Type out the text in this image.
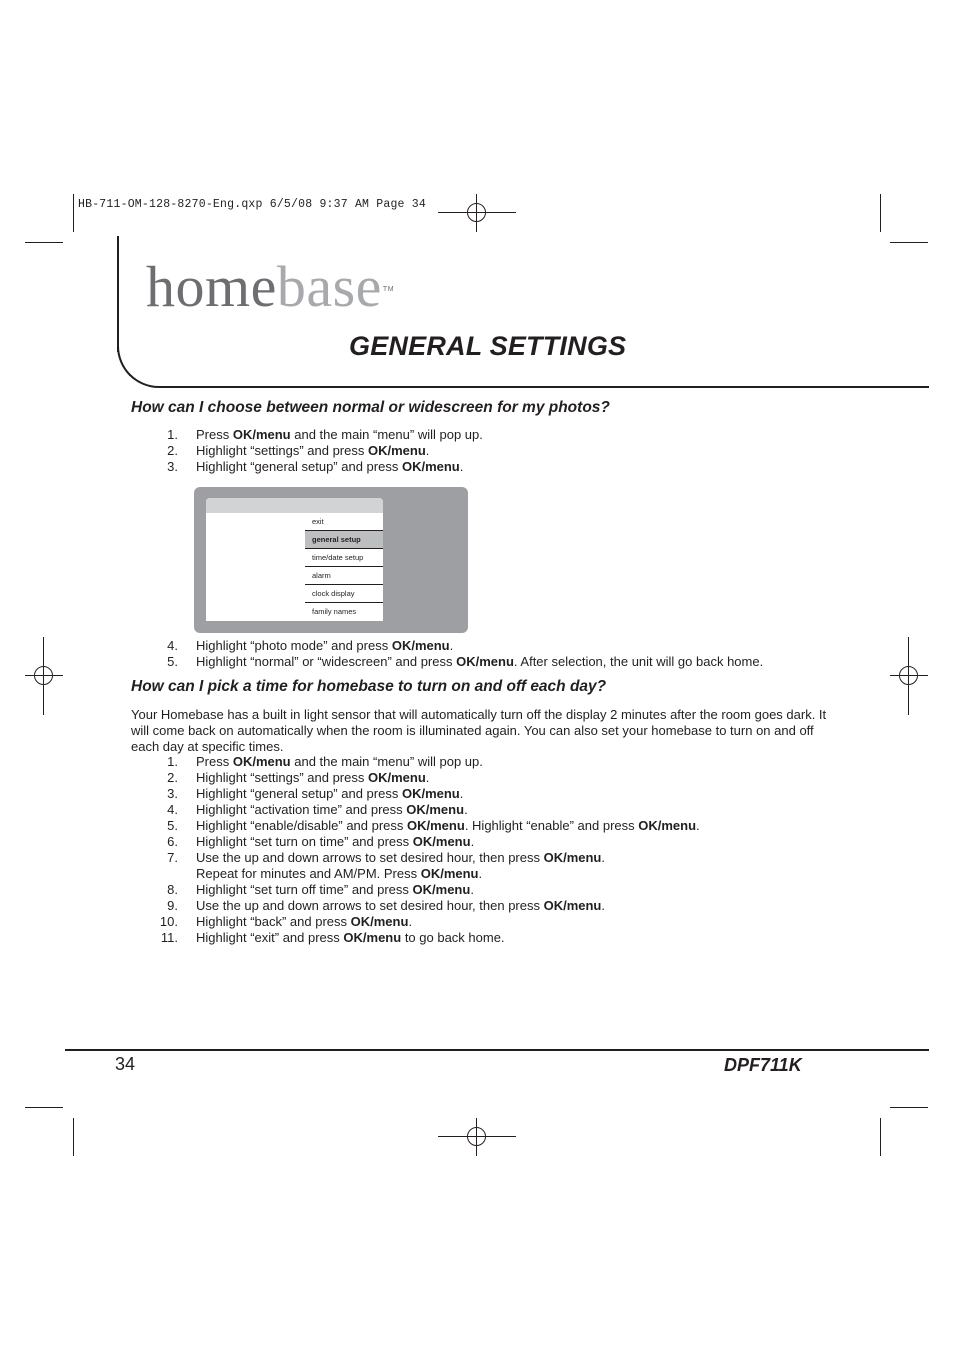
HB-711-OM-128-8270-Eng.qxp 6/5/08 9:37 AM Page 34
homebase™
GENERAL SETTINGS
How can I choose between normal or widescreen for my photos?
1. Press OK/menu and the main “menu” will pop up.
2. Highlight “settings” and press OK/menu.
3. Highlight “general setup” and press OK/menu.
exit
general setup
time/date setup
alarm
clock display
family names
4. Highlight “photo mode” and press OK/menu.
5. Highlight “normal” or “widescreen” and press OK/menu. After selection, the unit will go back home.
How can I pick a time for homebase to turn on and off each day?
Your Homebase has a built in light sensor that will automatically turn off the display 2 minutes after the room goes dark. It will come back on automatically when the room is illuminated again. You can also set your homebase to turn on and off each day at specific times.
1. Press OK/menu and the main “menu” will pop up.
2. Highlight “settings” and press OK/menu.
3. Highlight “general setup” and press OK/menu.
4. Highlight “activation time” and press OK/menu.
5. Highlight “enable/disable” and press OK/menu. Highlight “enable” and press OK/menu.
6. Highlight “set turn on time” and press OK/menu.
7. Use the up and down arrows to set desired hour, then press OK/menu.
Repeat for minutes and AM/PM. Press OK/menu.
8. Highlight “set turn off time” and press OK/menu.
9. Use the up and down arrows to set desired hour, then press OK/menu.
10. Highlight “back” and press OK/menu.
11. Highlight “exit” and press OK/menu to go back home.
34	DPF711K
